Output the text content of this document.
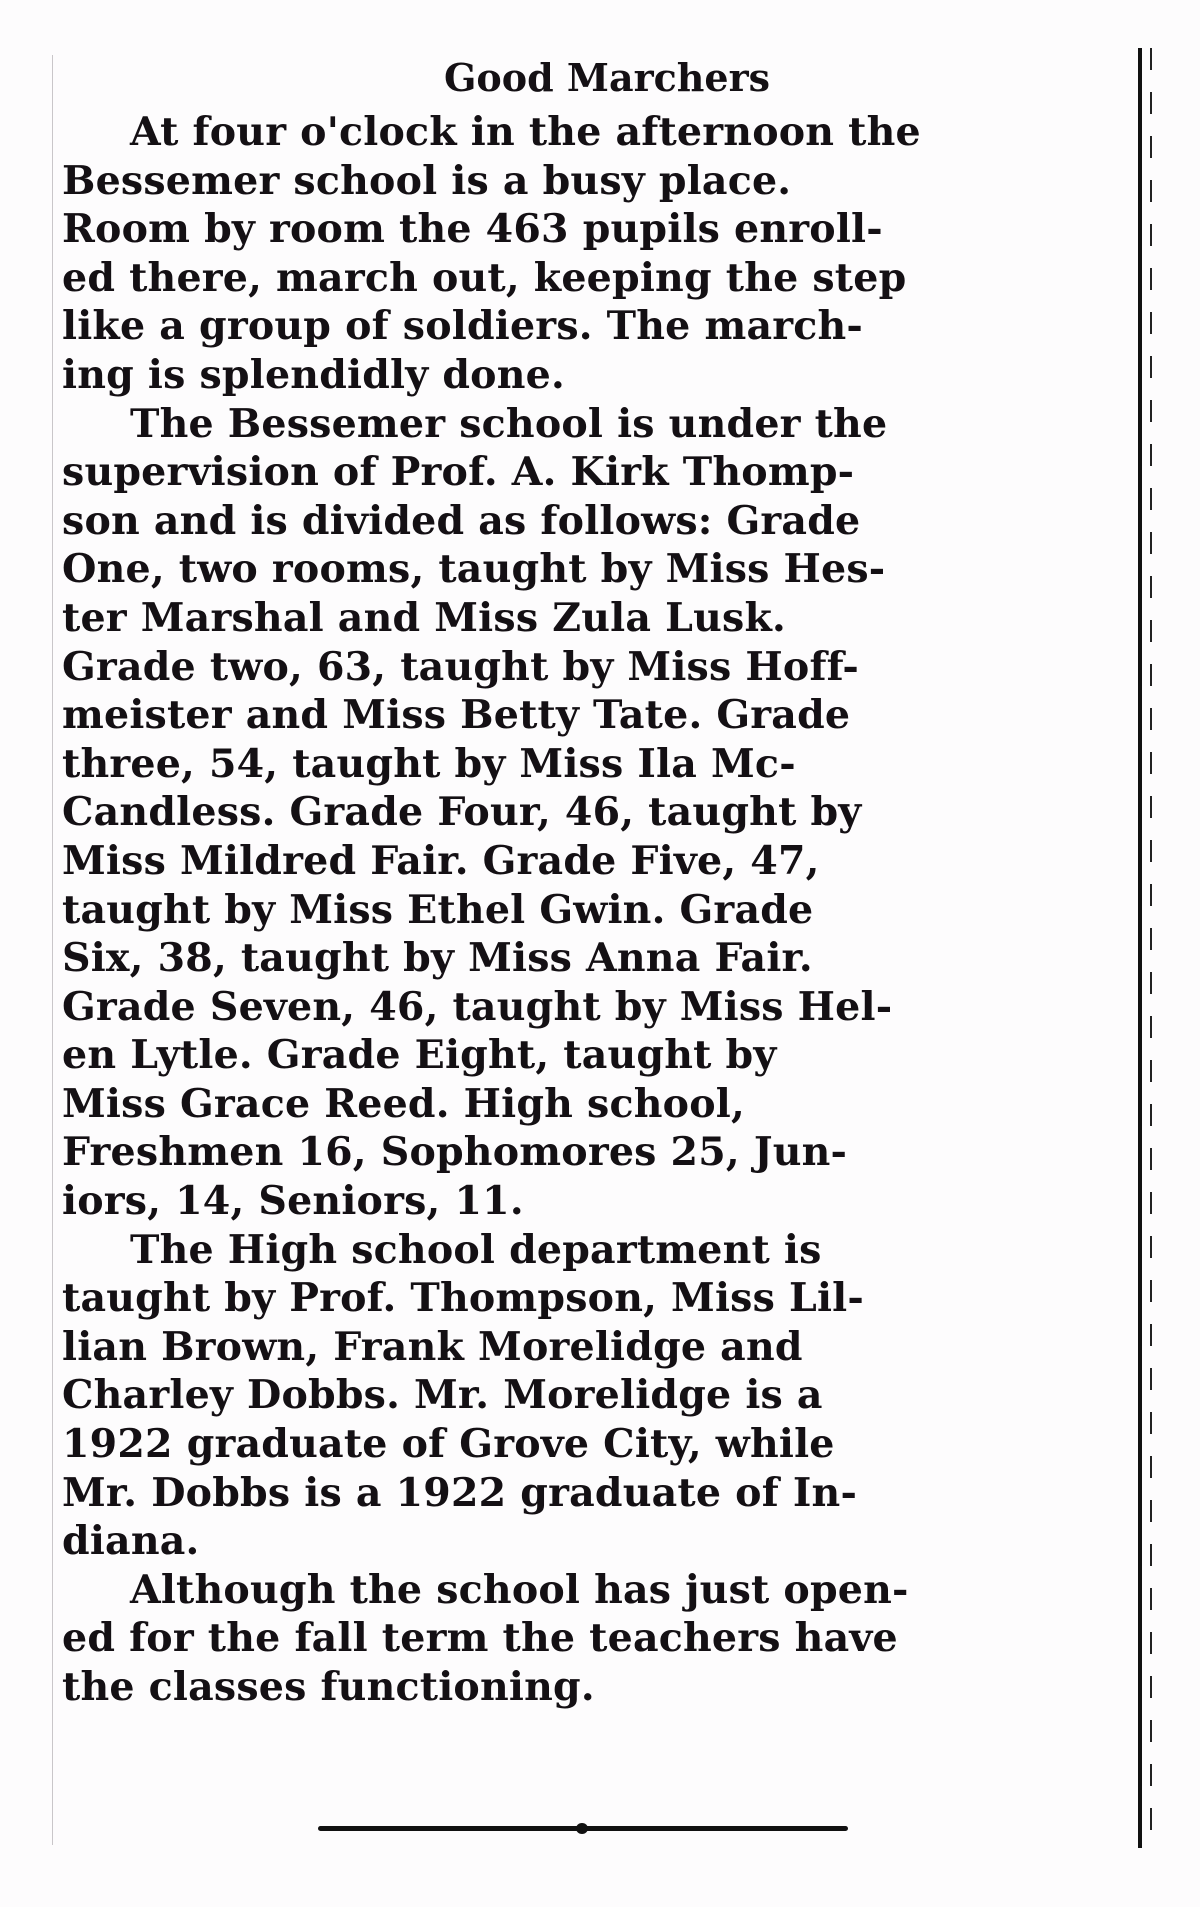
Good Marchers

At four o'clock in the afternoon the
Bessemer school is a busy place.
Room by room the 463 pupils enroll-
ed there, march out, keeping the step
like a group of soldiers. The march-
ing is splendidly done.

The Bessemer school is under the
supervision of Prof. A. Kirk Thomp-
son and is divided as follows: Grade
One, two rooms, taught by Miss Hes-
ter Marshal and Miss Zula Lusk.
Grade two, 63, taught by Miss Hoff-
meister and Miss Betty Tate. Grade
three, 54, taught by Miss Ila Mc-
Candless. Grade Four, 46, taught by
Miss Mildred Fair. Grade Five, 47,
taught by Miss Ethel Gwin. Grade
Six, 38, taught by Miss Anna Fair.
Grade Seven, 46, taught by Miss Hel-
en Lytle. Grade Eight, taught by
Miss Grace Reed. High school,
Freshmen 16, Sophomores 25, Jun-
iors, 14, Seniors, 11.

The High school department is
taught by Prof. Thompson, Miss Lil-
lian Brown, Frank Morelidge and
Charley Dobbs. Mr. Morelidge is a
1922 graduate of Grove City, while
Mr. Dobbs is a 1922 graduate of In-
diana.

Although the school has just open-
ed for the fall term the teachers have
the classes functioning.
